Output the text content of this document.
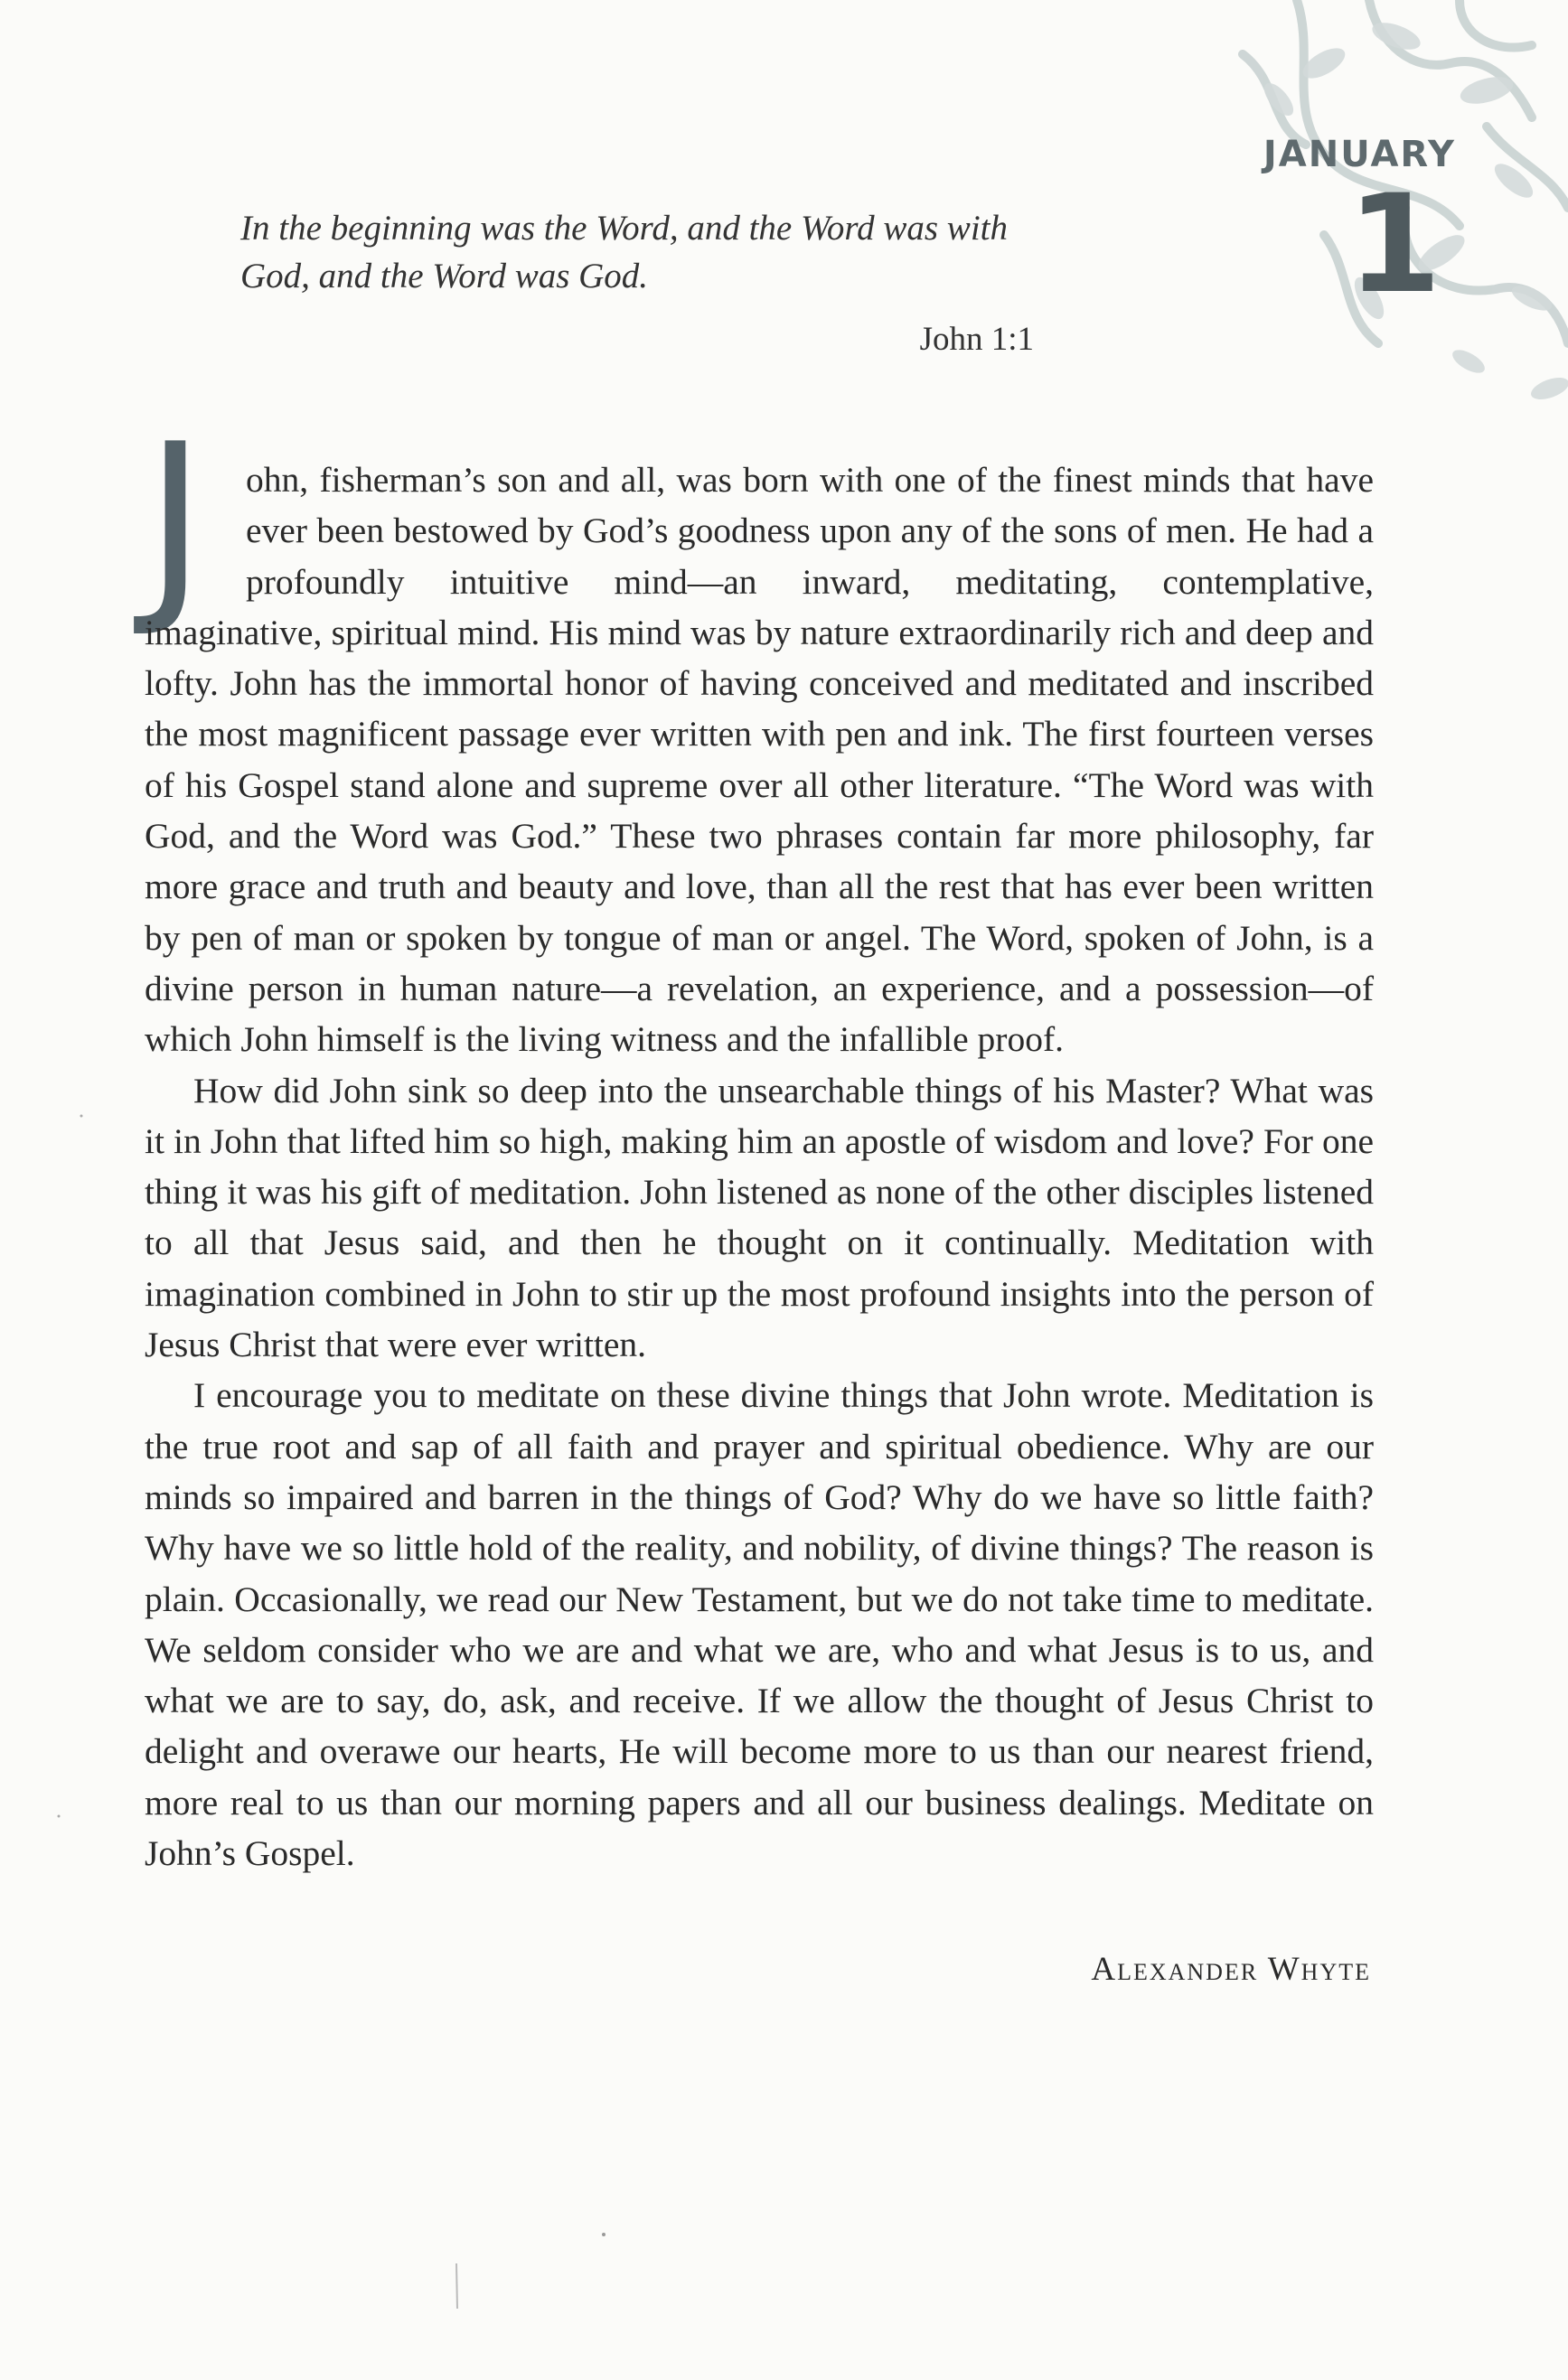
JANUARY
1
In the beginning was the Word, and the Word was with God, and the Word was God.
John 1:1
J	ohn, fisherman’s son and all, was born with one of the finest minds that have ever been bestowed by God’s goodness upon any of the sons of men. He had a profoundly intuitive mind—an inward, meditating, contemplative, imaginative, spiritual mind. His mind was by nature extraordinarily rich and deep and lofty. John has the immortal honor of having conceived and meditated and inscribed the most magnificent passage ever written with pen and ink. The first fourteen verses of his Gospel stand alone and supreme over all other literature. “The Word was with God, and the Word was God.” These two phrases contain far more philosophy, far more grace and truth and beauty and love, than all the rest that has ever been written by pen of man or spoken by tongue of man or angel. The Word, spoken of John, is a divine person in human nature—a revelation, an experience, and a possession—of which John himself is the living witness and the infallible proof.

How did John sink so deep into the unsearchable things of his Master? What was it in John that lifted him so high, making him an apostle of wisdom and love? For one thing it was his gift of meditation. John listened as none of the other disciples listened to all that Jesus said, and then he thought on it continually. Meditation with imagination combined in John to stir up the most profound insights into the person of Jesus Christ that were ever written.

I encourage you to meditate on these divine things that John wrote. Meditation is the true root and sap of all faith and prayer and spiritual obedience. Why are our minds so impaired and barren in the things of God? Why do we have so little faith? Why have we so little hold of the reality, and nobility, of divine things? The reason is plain. Occasionally, we read our New Testament, but we do not take time to meditate. We seldom consider who we are and what we are, who and what Jesus is to us, and what we are to say, do, ask, and receive. If we allow the thought of Jesus Christ to delight and overawe our hearts, He will become more to us than our nearest friend, more real to us than our morning papers and all our business dealings. Meditate on John’s Gospel.

Alexander Whyte
